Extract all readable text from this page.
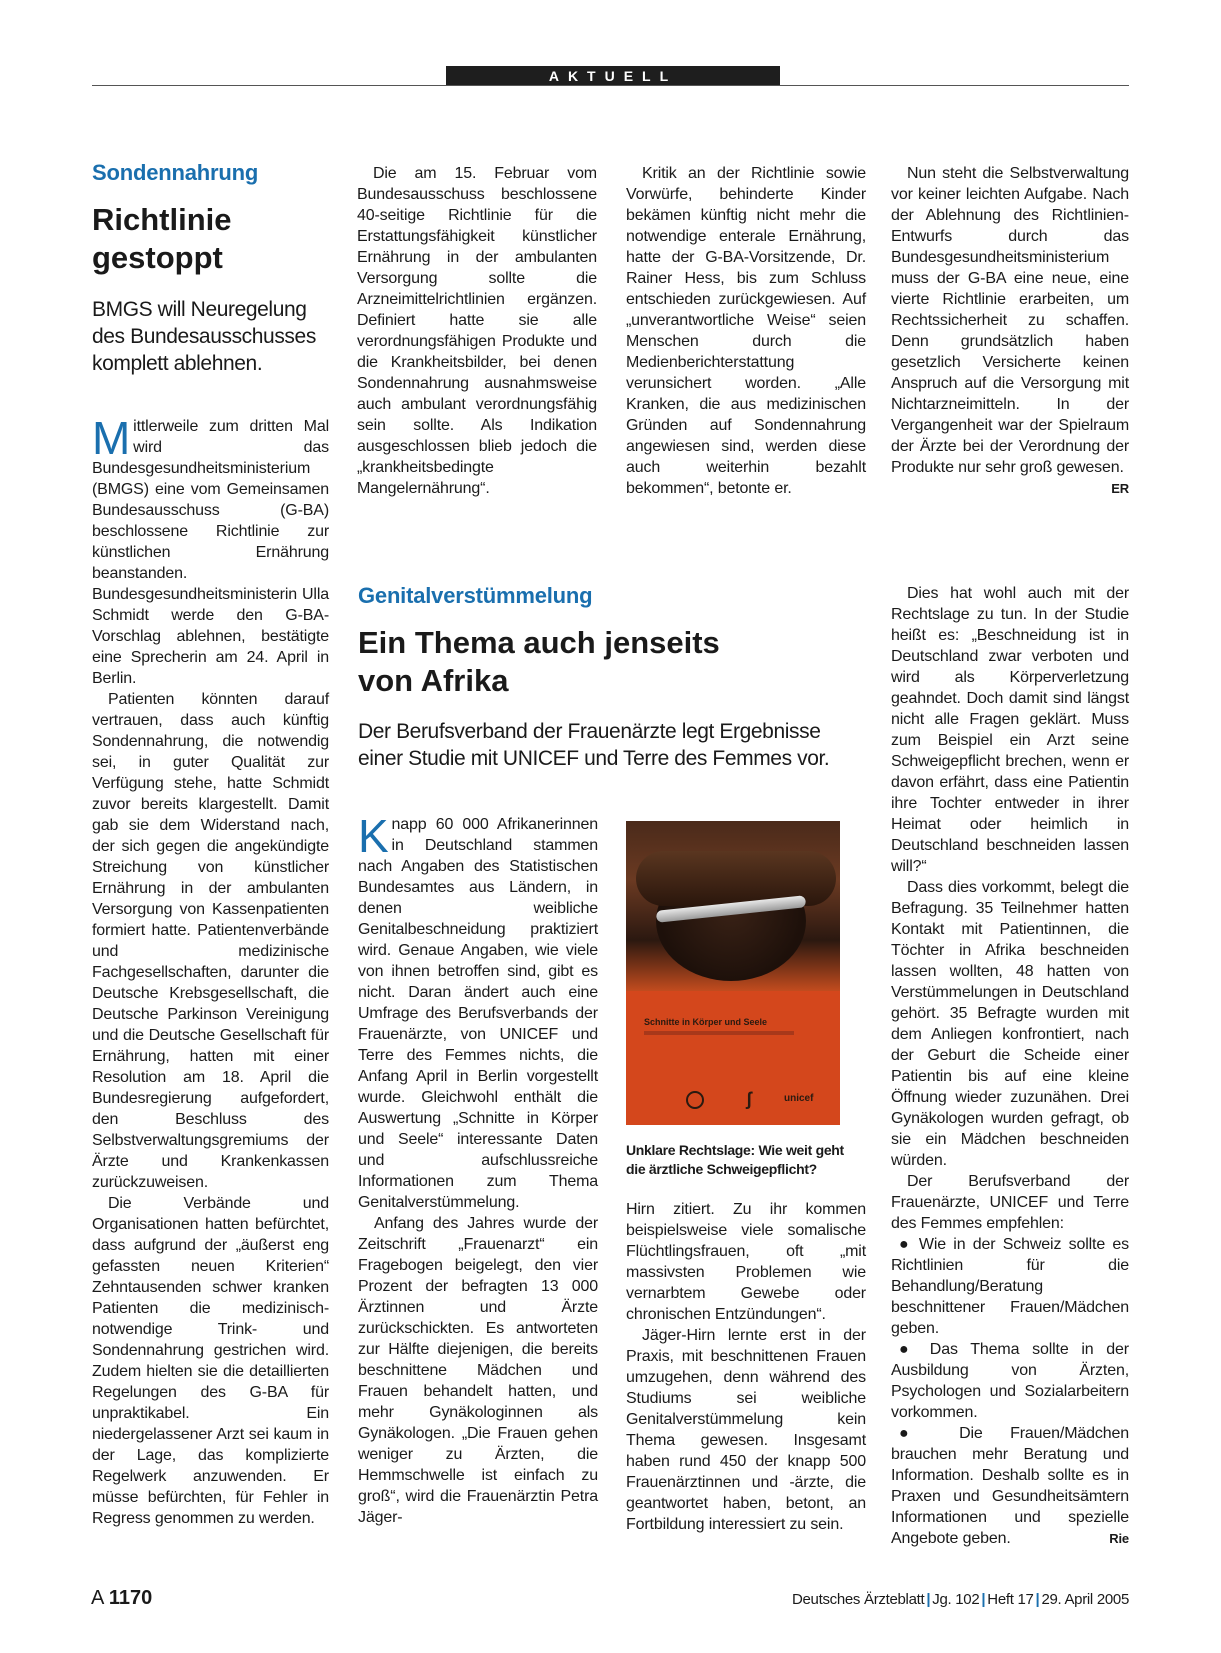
AKTUELL
Sondennahrung
Richtlinie
gestoppt
BMGS will Neuregelung des Bundesausschusses komplett ablehnen.

Mittlerweile zum dritten Mal wird das Bundesgesundheitsministerium (BMGS) eine vom Gemeinsamen Bundesausschuss (G-BA) beschlossene Richtlinie zur künstlichen Ernährung beanstanden. Bundesgesundheitsministerin Ulla Schmidt werde den G-BA-Vorschlag ablehnen, bestätigte eine Sprecherin am 24. April in Berlin.

Patienten könnten darauf vertrauen, dass auch künftig Sondennahrung, die notwendig sei, in guter Qualität zur Verfügung stehe, hatte Schmidt zuvor bereits klargestellt. Damit gab sie dem Widerstand nach, der sich gegen die angekündigte Streichung von künstlicher Ernährung in der ambulanten Versorgung von Kassenpatienten formiert hatte. Patientenverbände und medizinische Fachgesellschaften, darunter die Deutsche Krebsgesellschaft, die Deutsche Parkinson Vereinigung und die Deutsche Gesellschaft für Ernährung, hatten mit einer Resolution am 18. April die Bundesregierung aufgefordert, den Beschluss des Selbstverwaltungsgremiums der Ärzte und Krankenkassen zurückzuweisen.

Die Verbände und Organisationen hatten befürchtet, dass aufgrund der „äußerst eng gefassten neuen Kriterien“ Zehntausenden schwer kranken Patienten die medizinisch-notwendige Trink- und Sondennahrung gestrichen wird. Zudem hielten sie die detaillierten Regelungen des G-BA für unpraktikabel. Ein niedergelassener Arzt sei kaum in der Lage, das komplizierte Regelwerk anzuwenden. Er müsse befürchten, für Fehler in Regress genommen zu werden.

Die am 15. Februar vom Bundesausschuss beschlossene 40-seitige Richtlinie für die Erstattungsfähigkeit künstlicher Ernährung in der ambulanten Versorgung sollte die Arzneimittelrichtlinien ergänzen. Definiert hatte sie alle verordnungsfähigen Produkte und die Krankheitsbilder, bei denen Sondennahrung ausnahmsweise auch ambulant verordnungsfähig sein sollte. Als Indikation ausgeschlossen blieb jedoch die „krankheitsbedingte Mangelernährung“.

Kritik an der Richtlinie sowie Vorwürfe, behinderte Kinder bekämen künftig nicht mehr die notwendige enterale Ernährung, hatte der G-BA-Vorsitzende, Dr. Rainer Hess, bis zum Schluss entschieden zurückgewiesen. Auf „unverantwortliche Weise“ seien Menschen durch die Medienberichterstattung verunsichert worden. „Alle Kranken, die aus medizinischen Gründen auf Sondennahrung angewiesen sind, werden diese auch weiterhin bezahlt bekommen“, betonte er.

Nun steht die Selbstverwaltung vor keiner leichten Aufgabe. Nach der Ablehnung des Richtlinien-Entwurfs durch das Bundesgesundheitsministerium muss der G-BA eine neue, eine vierte Richtlinie erarbeiten, um Rechtssicherheit zu schaffen. Denn grundsätzlich haben gesetzlich Versicherte keinen Anspruch auf die Versorgung mit Nichtarzneimitteln. In der Vergangenheit war der Spielraum der Ärzte bei der Verordnung der Produkte nur sehr groß gewesen.
ER

Genitalverstümmelung
Ein Thema auch jenseits
von Afrika
Der Berufsverband der Frauenärzte legt Ergebnisse
einer Studie mit UNICEF und Terre des Femmes vor.

Knapp 60 000 Afrikanerinnen in Deutschland stammen nach Angaben des Statistischen Bundesamtes aus Ländern, in denen weibliche Genitalbeschneidung praktiziert wird. Genaue Angaben, wie viele von ihnen betroffen sind, gibt es nicht. Daran ändert auch eine Umfrage des Berufsverbands der Frauenärzte, von UNICEF und Terre des Femmes nichts, die Anfang April in Berlin vorgestellt wurde. Gleichwohl enthält die Auswertung „Schnitte in Körper und Seele“ interessante Daten und aufschlussreiche Informationen zum Thema Genitalverstümmelung.

Anfang des Jahres wurde der Zeitschrift „Frauenarzt“ ein Fragebogen beigelegt, den vier Prozent der befragten 13 000 Ärztinnen und Ärzte zurückschickten. Es antworteten zur Hälfte diejenigen, die bereits beschnittene Mädchen und Frauen behandelt hatten, und mehr Gynäkologinnen als Gynäkologen. „Die Frauen gehen weniger zu Ärzten, die Hemmschwelle ist einfach zu groß“, wird die Frauenärztin Petra Jäger-

Schnitte in Körper und Seele
ʃ	unicef
Unklare Rechtslage: Wie weit geht die ärztliche Schweigepflicht?

Hirn zitiert. Zu ihr kommen beispielsweise viele somalische Flüchtlingsfrauen, oft „mit massivsten Problemen wie vernarbtem Gewebe oder chronischen Entzündungen“.

Jäger-Hirn lernte erst in der Praxis, mit beschnittenen Frauen umzugehen, denn während des Studiums sei weibliche Genitalverstümmelung kein Thema gewesen. Insgesamt haben rund 450 der knapp 500 Frauenärztinnen und -ärzte, die geantwortet haben, betont, an Fortbildung interessiert zu sein.

Dies hat wohl auch mit der Rechtslage zu tun. In der Studie heißt es: „Beschneidung ist in Deutschland zwar verboten und wird als Körperverletzung geahndet. Doch damit sind längst nicht alle Fragen geklärt. Muss zum Beispiel ein Arzt seine Schweigepflicht brechen, wenn er davon erfährt, dass eine Patientin ihre Tochter entweder in ihrer Heimat oder heimlich in Deutschland beschneiden lassen will?“

Dass dies vorkommt, belegt die Befragung. 35 Teilnehmer hatten Kontakt mit Patientinnen, die Töchter in Afrika beschneiden lassen wollten, 48 hatten von Verstümmelungen in Deutschland gehört. 35 Befragte wurden mit dem Anliegen konfrontiert, nach der Geburt die Scheide einer Patientin bis auf eine kleine Öffnung wieder zuzunähen. Drei Gynäkologen wurden gefragt, ob sie ein Mädchen beschneiden würden.

Der Berufsverband der Frauenärzte, UNICEF und Terre des Femmes empfehlen:

● Wie in der Schweiz sollte es Richtlinien für die Behandlung/Beratung beschnittener Frauen/Mädchen geben.

● Das Thema sollte in der Ausbildung von Ärzten, Psychologen und Sozialarbeitern vorkommen.

● Die Frauen/Mädchen brauchen mehr Beratung und Information. Deshalb sollte es in Praxen und Gesundheitsämtern Informationen und spezielle Angebote geben.	Rie

A 1170	Deutsches Ärzteblatt | Jg. 102 | Heft 17 | 29. April 2005
